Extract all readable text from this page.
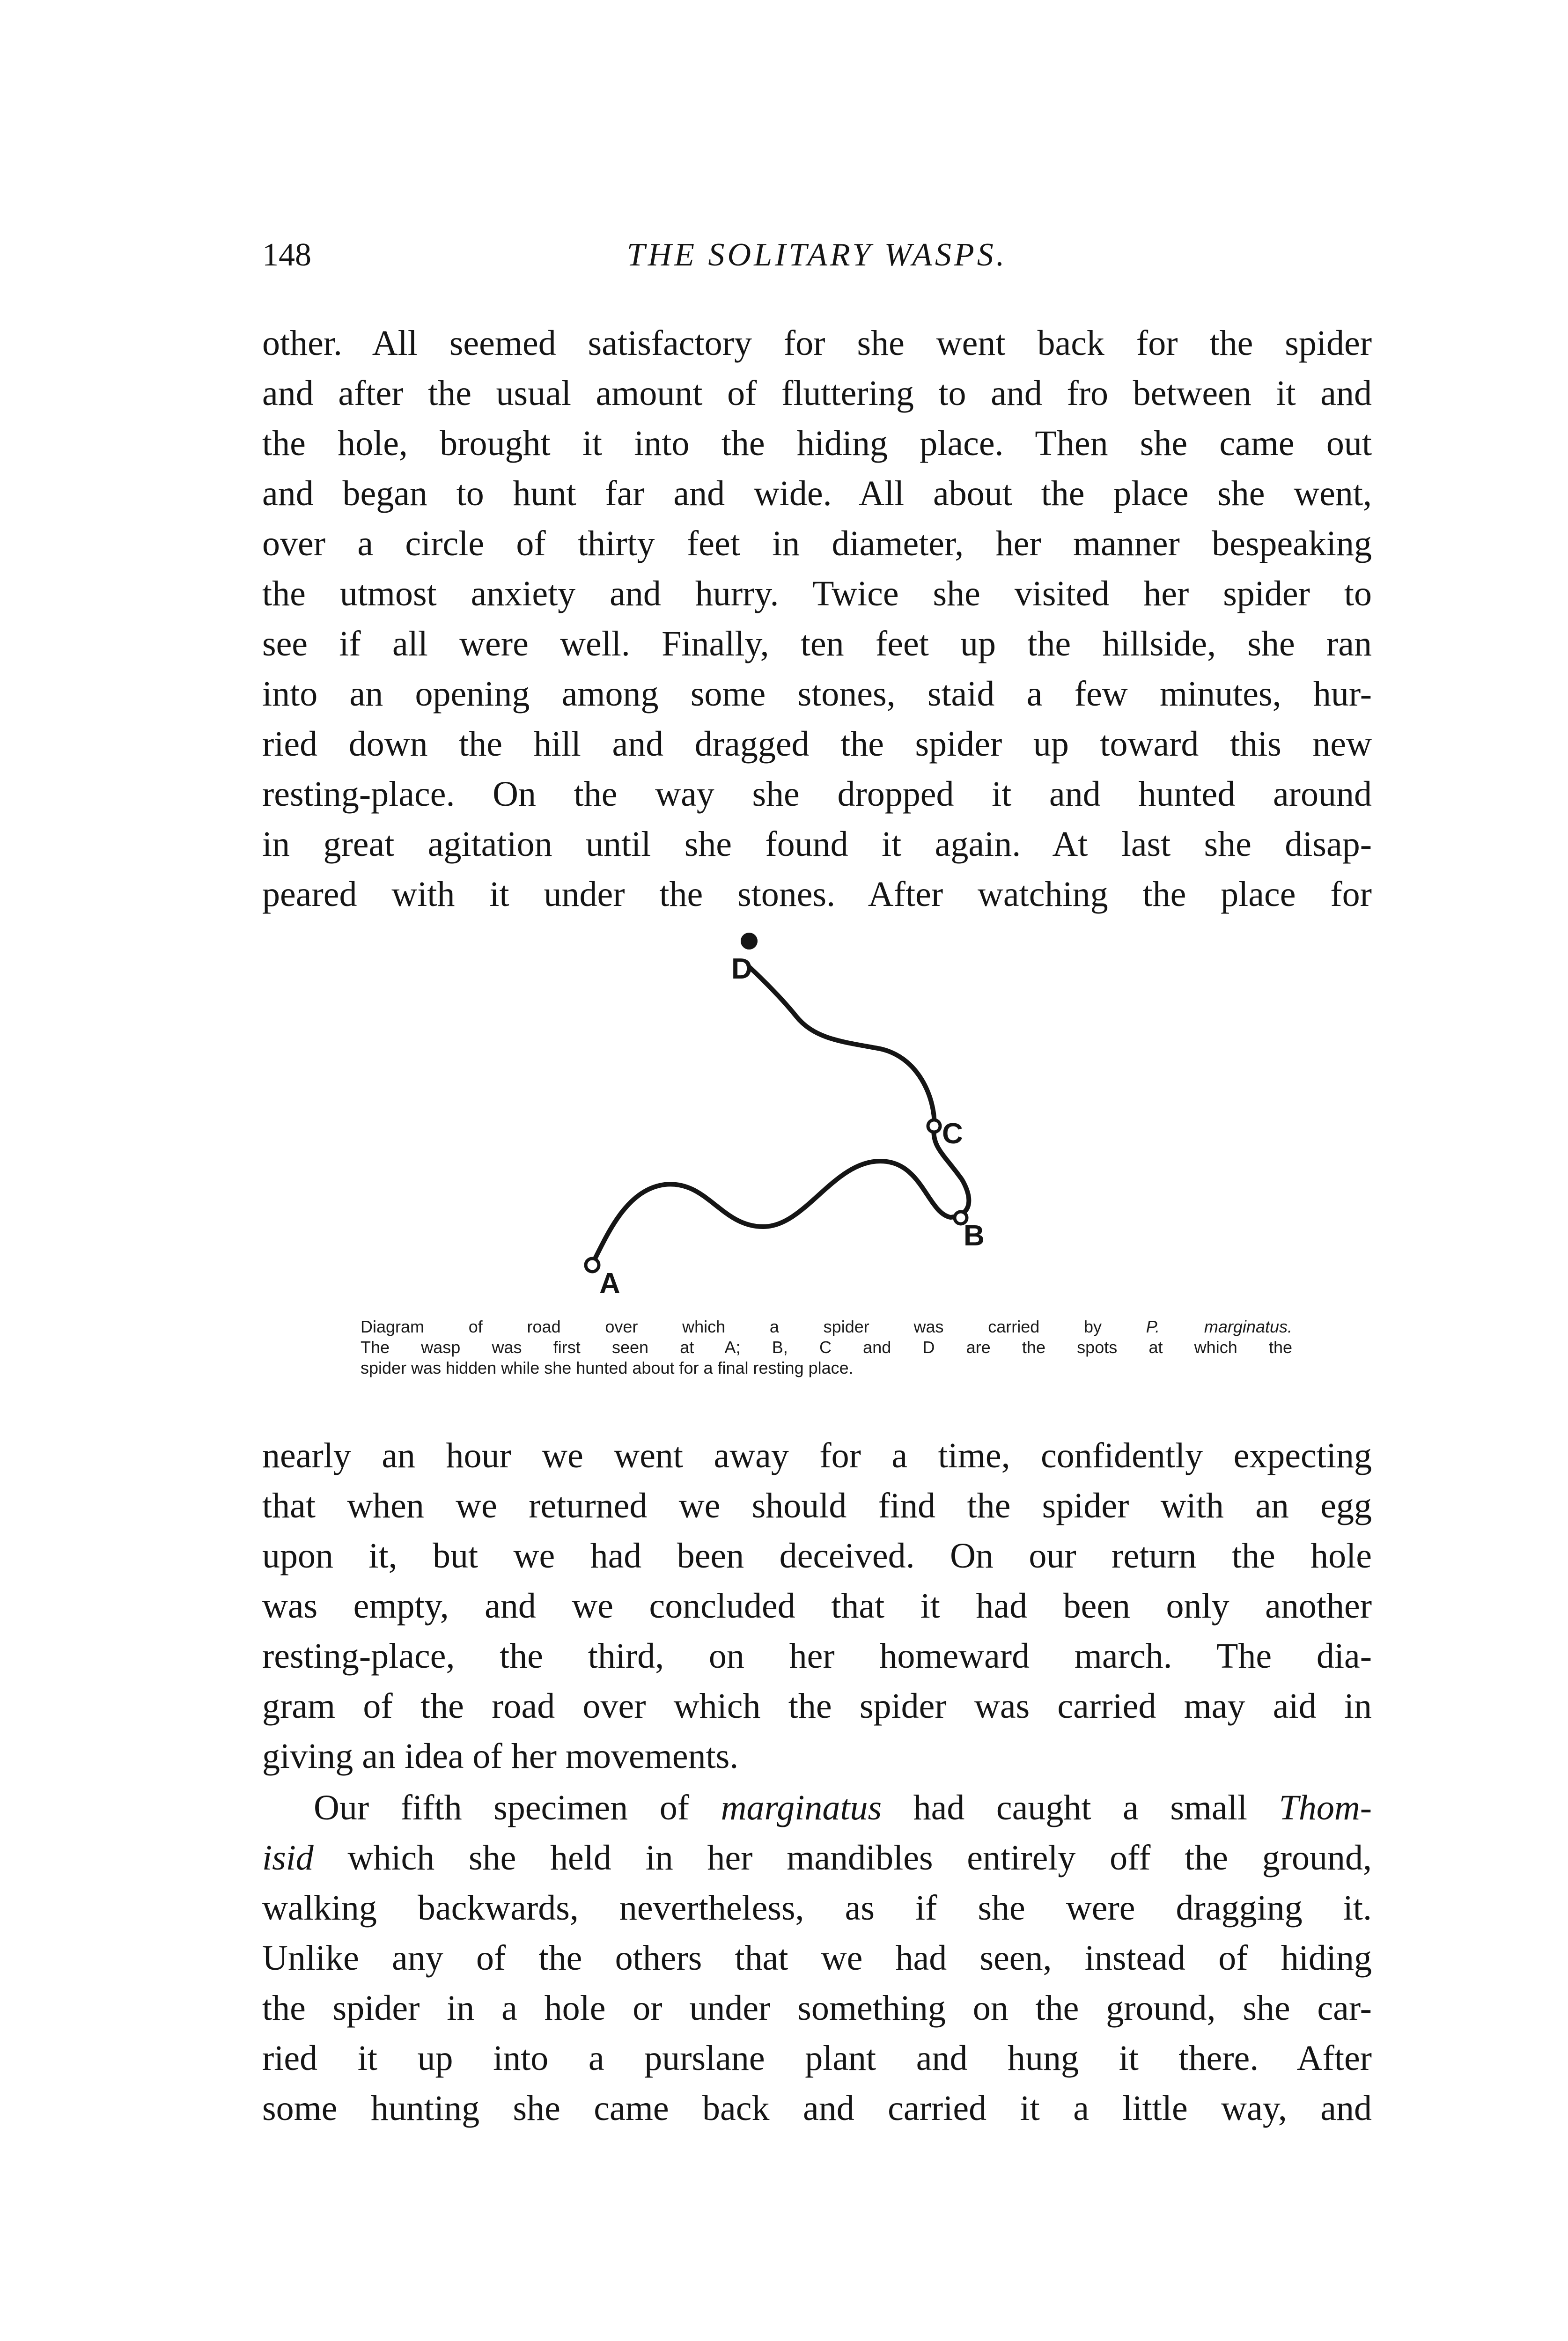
148	THE SOLITARY WASPS.

other. All seemed satisfactory for she went back for the spider
and after the usual amount of fluttering to and fro between it and
the hole, brought it into the hiding place. Then she came out
and began to hunt far and wide. All about the place she went,
over a circle of thirty feet in diameter, her manner bespeaking
the utmost anxiety and hurry. Twice she visited her spider to
see if all were well. Finally, ten feet up the hillside, she ran
into an opening among some stones, staid a few minutes, hur-
ried down the hill and dragged the spider up toward this new
resting-place. On the way she dropped it and hunted around
in great agitation until she found it again. At last she disap-
peared with it under the stones. After watching the place for

A
B
C
D
Diagram of road over which a spider was carried by P. marginatus.
The wasp was first seen at A; B, C and D are the spots at which the
spider was hidden while she hunted about for a final resting place.

nearly an hour we went away for a time, confidently expecting
that when we returned we should find the spider with an egg
upon it, but we had been deceived. On our return the hole
was empty, and we concluded that it had been only another
resting-place, the third, on her homeward march. The dia-
gram of the road over which the spider was carried may aid in
giving an idea of her movements.

Our fifth specimen of marginatus had caught a small Thom-
isid which she held in her mandibles entirely off the ground,
walking backwards, nevertheless, as if she were dragging it.
Unlike any of the others that we had seen, instead of hiding
the spider in a hole or under something on the ground, she car-
ried it up into a purslane plant and hung it there. After
some hunting she came back and carried it a little way, and
